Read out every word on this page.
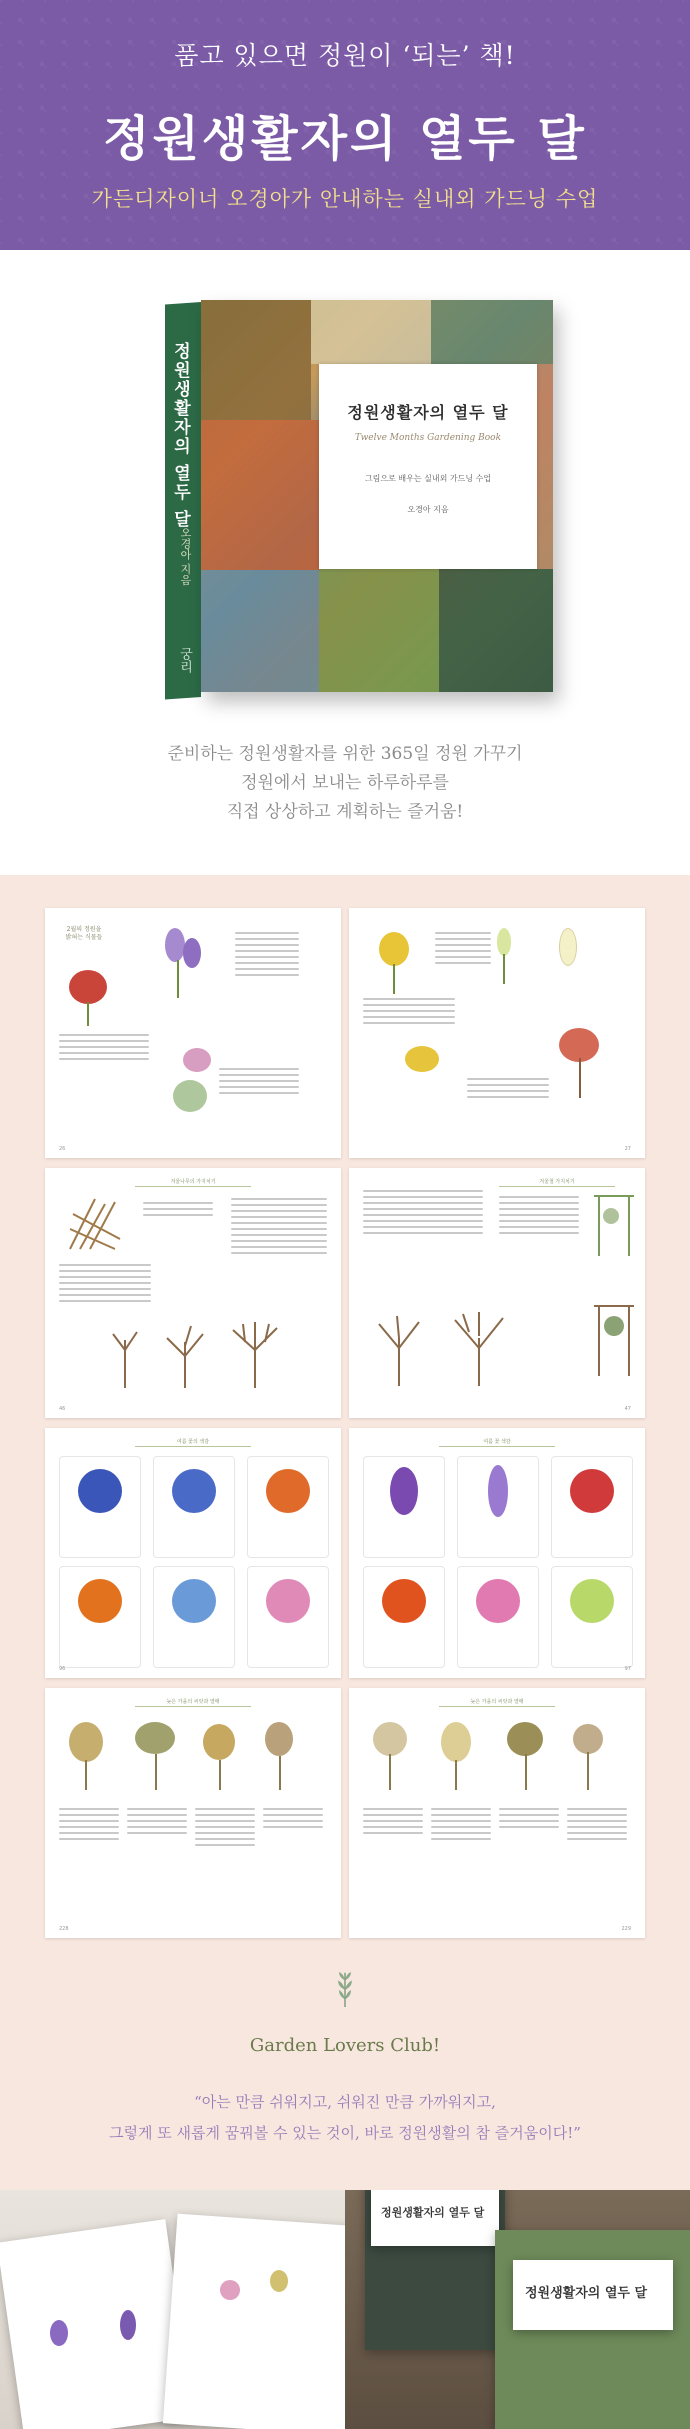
품고 있으면 정원이 ‘되는’ 책!
정원생활자의 열두 달
가든디자이너 오경아가 안내하는 실내외 가드닝 수업
정원생활자의 열두 달
오경아 지음
궁리
정원생활자의 열두 달
Twelve Months Gardening Book
그림으로 배우는 실내외 가드닝 수업
오경아 지음
준비하는 정원생활자를 위한 365일 정원 가꾸기
정원에서 보내는 하루하루를
직접 상상하고 계획하는 즐거움!
2월의 정원을 밝혀는 식물들
26	27
겨울나무의 가지치기
46
겨울철 가지치기
47
여름 꽃의 색감
96
여름 꽃 색감
97
늦은 가을의 씨앗과 열매
228
늦은 가을의 씨앗과 열매
229
Garden Lovers Club!
“아는 만큼 쉬워지고, 쉬워진 만큼 가까워지고,
그렇게 또 새롭게 꿈꿔볼 수 있는 것이, 바로 정원생활의 참 즐거움이다!”
정원생활자의 열두 달
정원생활자의 열두 달
